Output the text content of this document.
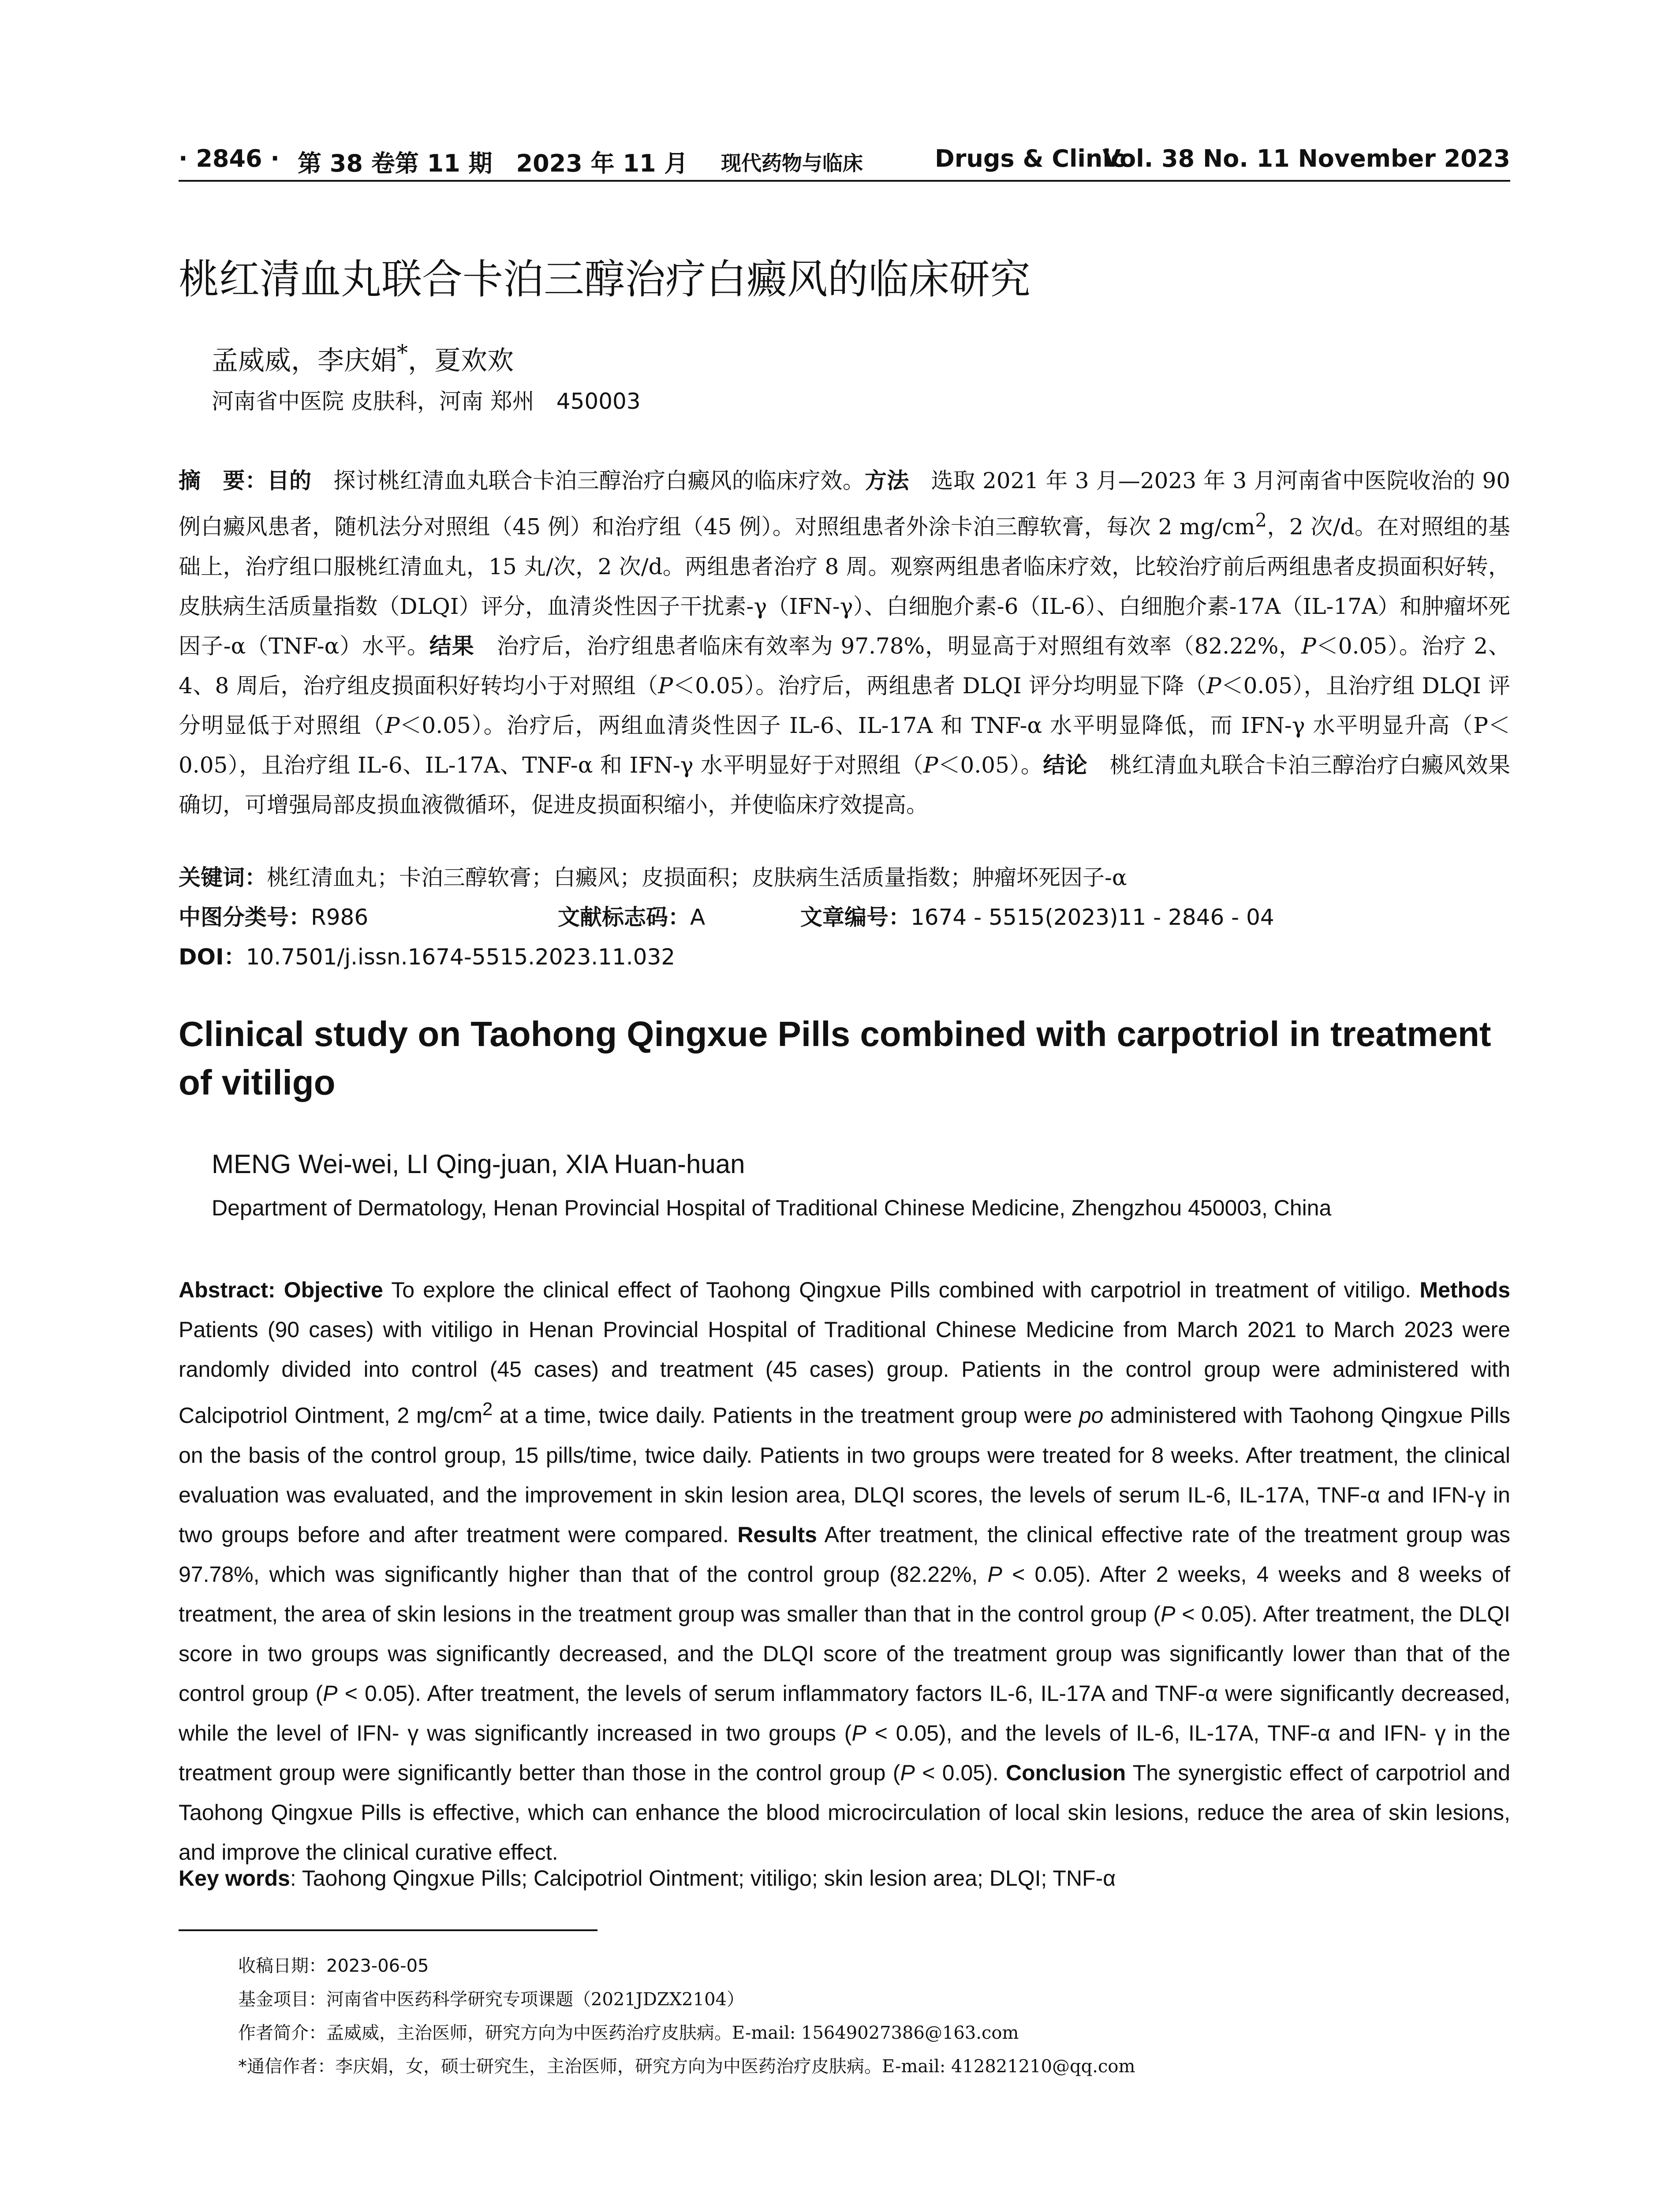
· 2846 · 第 38 卷第 11 期　2023 年 11 月 现代药物与临床	Drugs & Clinic
Vol. 38 No. 11 November 2023
桃红清血丸联合卡泊三醇治疗白癜风的临床研究
孟威威，李庆娟*，夏欢欢
河南省中医院 皮肤科，河南 郑州　450003
摘　要：目的　探讨桃红清血丸联合卡泊三醇治疗白癜风的临床疗效。方法　选取 2021 年 3 月—2023 年 3 月河南省中医院收治的 90 例白癜风患者，随机法分对照组（45 例）和治疗组（45 例）。对照组患者外涂卡泊三醇软膏，每次 2 $mg/cm^2$，2 次/d。在对照组的基础上，治疗组口服桃红清血丸，15 丸/次，2 次/d。两组患者治疗 8 周。观察两组患者临床疗效，比较治疗前后两组患者皮损面积好转，皮肤病生活质量指数（DLQI）评分，血清炎性因子干扰素-γ（IFN-γ）、白细胞介素-6（IL-6）、白细胞介素-17A（IL-17A）和肿瘤坏死因子-α（TNF-α）水平。结果　治疗后，治疗组患者临床有效率为 97.78%，明显高于对照组有效率（82.22%，P＜0.05）。治疗 2、4、8 周后，治疗组皮损面积好转均小于对照组（P＜0.05）。治疗后，两组患者 DLQI 评分均明显下降（P＜0.05），且治疗组 DLQI 评分明显低于对照组（P＜0.05）。治疗后，两组血清炎性因子 IL-6、IL-17A 和 TNF-α 水平明显降低，而 IFN-γ 水平明显升高（P＜0.05），且治疗组 IL-6、IL-17A、TNF-α 和 IFN-γ 水平明显好于对照组（P＜0.05）。结论　桃红清血丸联合卡泊三醇治疗白癜风效果确切，可增强局部皮损血液微循环，促进皮损面积缩小，并使临床疗效提高。
关键词：桃红清血丸；卡泊三醇软膏；白癜风；皮损面积；皮肤病生活质量指数；肿瘤坏死因子-α
中图分类号：R986	文献标志码：A	文章编号：1674 - 5515(2023)11 - 2846 - 04
DOI：10.7501/j.issn.1674-5515.2023.11.032
Clinical study on Taohong Qingxue Pills combined with carpotriol in treatment of vitiligo
MENG Wei-wei, LI Qing-juan, XIA Huan-huan
Department of Dermatology, Henan Provincial Hospital of Traditional Chinese Medicine, Zhengzhou 450003, China
Abstract: Objective To explore the clinical effect of Taohong Qingxue Pills combined with carpotriol in treatment of vitiligo. Methods Patients (90 cases) with vitiligo in Henan Provincial Hospital of Traditional Chinese Medicine from March 2021 to March 2023 were randomly divided into control (45 cases) and treatment (45 cases) group. Patients in the control group were administered with Calcipotriol Ointment, 2 $mg/cm^2$ at a time, twice daily. Patients in the treatment group were po administered with Taohong Qingxue Pills on the basis of the control group, 15 pills/time, twice daily. Patients in two groups were treated for 8 weeks. After treatment, the clinical evaluation was evaluated, and the improvement in skin lesion area, DLQI scores, the levels of serum IL-6, IL-17A, TNF-α and IFN-γ in two groups before and after treatment were compared. Results After treatment, the clinical effective rate of the treatment group was 97.78%, which was significantly higher than that of the control group (82.22%, P < 0.05). After 2 weeks, 4 weeks and 8 weeks of treatment, the area of skin lesions in the treatment group was smaller than that in the control group (P < 0.05). After treatment, the DLQI score in two groups was significantly decreased, and the DLQI score of the treatment group was significantly lower than that of the control group (P < 0.05). After treatment, the levels of serum inflammatory factors IL-6, IL-17A and TNF-α were significantly decreased, while the level of IFN- γ was significantly increased in two groups (P < 0.05), and the levels of IL-6, IL-17A, TNF-α and IFN- γ in the treatment group were significantly better than those in the control group (P < 0.05). Conclusion The synergistic effect of carpotriol and Taohong Qingxue Pills is effective, which can enhance the blood microcirculation of local skin lesions, reduce the area of skin lesions, and improve the clinical curative effect.
Key words: Taohong Qingxue Pills; Calcipotriol Ointment; vitiligo; skin lesion area; DLQI; TNF-α
收稿日期：2023-06-05
基金项目：河南省中医药科学研究专项课题（2021JDZX2104）
作者简介：孟威威，主治医师，研究方向为中医药治疗皮肤病。E-mail: 15649027386@163.com
*通信作者：李庆娟，女，硕士研究生，主治医师，研究方向为中医药治疗皮肤病。E-mail: 412821210@qq.com
